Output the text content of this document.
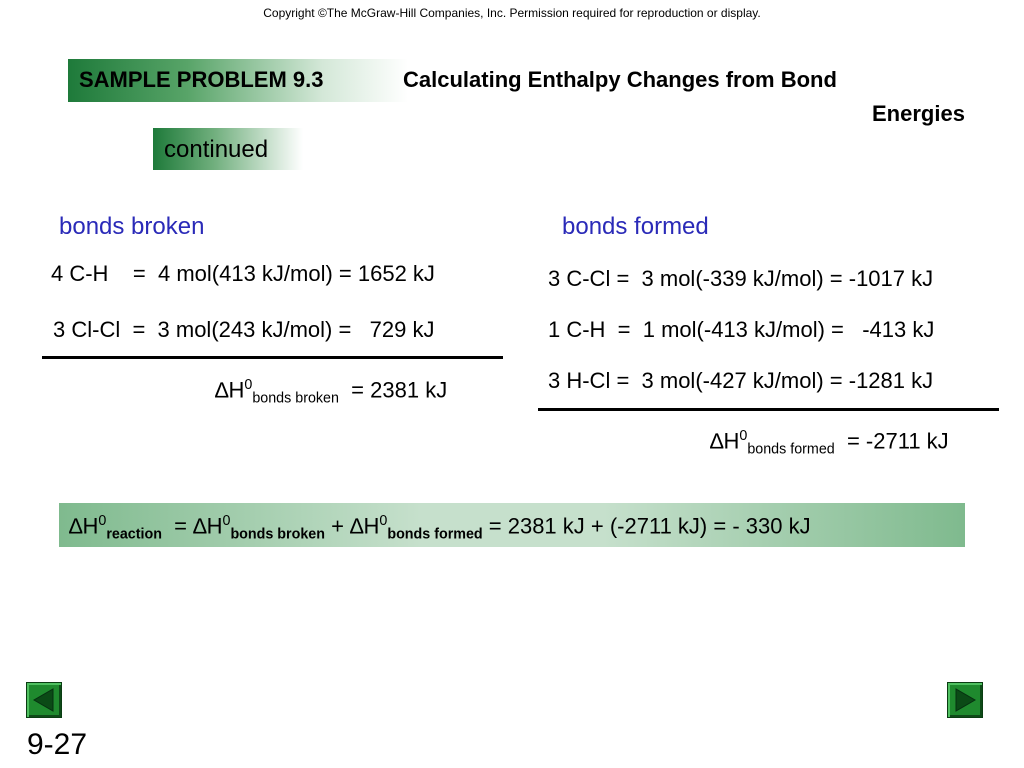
Copyright ©The McGraw-Hill Companies, Inc. Permission required for reproduction or display.
SAMPLE PROBLEM 9.3	Calculating Enthalpy Changes from Bond
Energies
continued
bonds broken
4 C-H    =  4 mol(413 kJ/mol) = 1652 kJ
3 Cl-Cl  =  3 mol(243 kJ/mol) =   729 kJ
$\Delta H^0_{bonds broken} = 2381$ kJ
bonds formed
3 C-Cl =  3 mol(-339 kJ/mol) = -1017 kJ
1 C-H  =  1 mol(-413 kJ/mol) =   -413 kJ
3 H-Cl =  3 mol(-427 kJ/mol) = -1281 kJ
$\Delta H^0_{bonds formed} = -2711$ kJ
$\Delta H^0_{reaction} = \Delta H^0_{bonds broken} + \Delta H^0_{bonds formed} = 2381$ kJ + (-2711 kJ) = - 330 kJ
9-27
